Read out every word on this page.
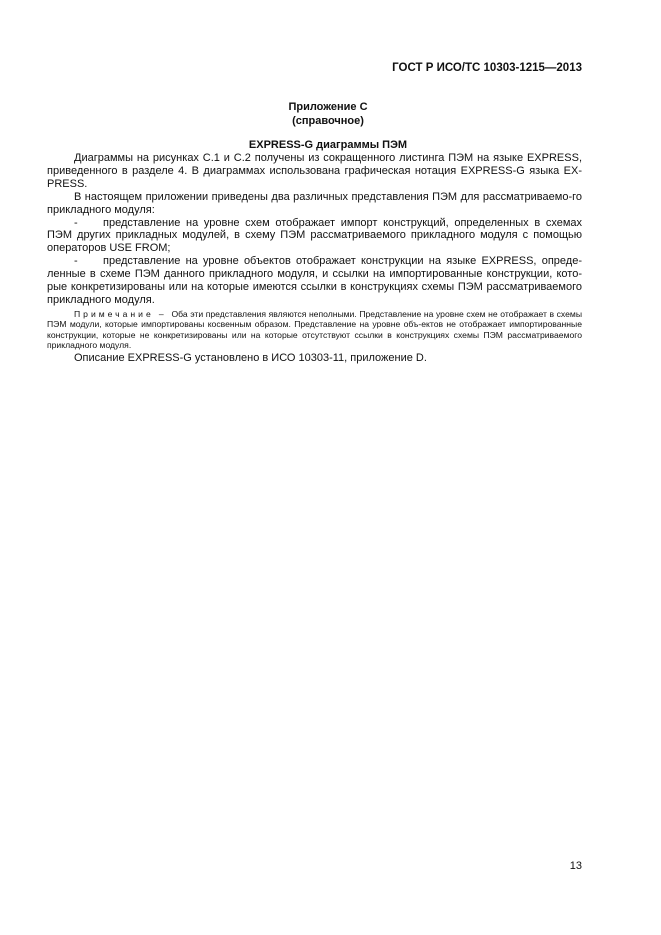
ГОСТ Р ИСО/ТС 10303-1215—2013
Приложение С
(справочное)
EXPRESS-G диаграммы ПЭМ

Диаграммы на рисунках С.1 и С.2 получены из сокращенного листинга ПЭМ на языке EXPRESS, приведенного в разделе 4. В диаграммах использована графическая нотация EXPRESS-G языка EX-PRESS.

В настоящем приложении приведены два различных представления ПЭМ для рассматриваемо-го прикладного модуля:

- представление на уровне схем отображает импорт конструкций, определенных в схемах ПЭМ других прикладных модулей, в схему ПЭМ рассматриваемого прикладного модуля с помощью операторов USE FROM;

- представление на уровне объектов отображает конструкции на языке EXPRESS, опреде-ленные в схеме ПЭМ данного прикладного модуля, и ссылки на импортированные конструкции, кото-рые конкретизированы или на которые имеются ссылки в конструкциях схемы ПЭМ рассматриваемого прикладного модуля.

Примечание – Оба эти представления являются неполными. Представление на уровне схем не отображает в схемы ПЭМ модули, которые импортированы косвенным образом. Представление на уровне объ-ектов не отображает импортированные конструкции, которые не конкретизированы или на которые отсутствуют ссылки в конструкциях схемы ПЭМ рассматриваемого прикладного модуля.

Описание EXPRESS-G установлено в ИСО 10303-11, приложение D.

13
